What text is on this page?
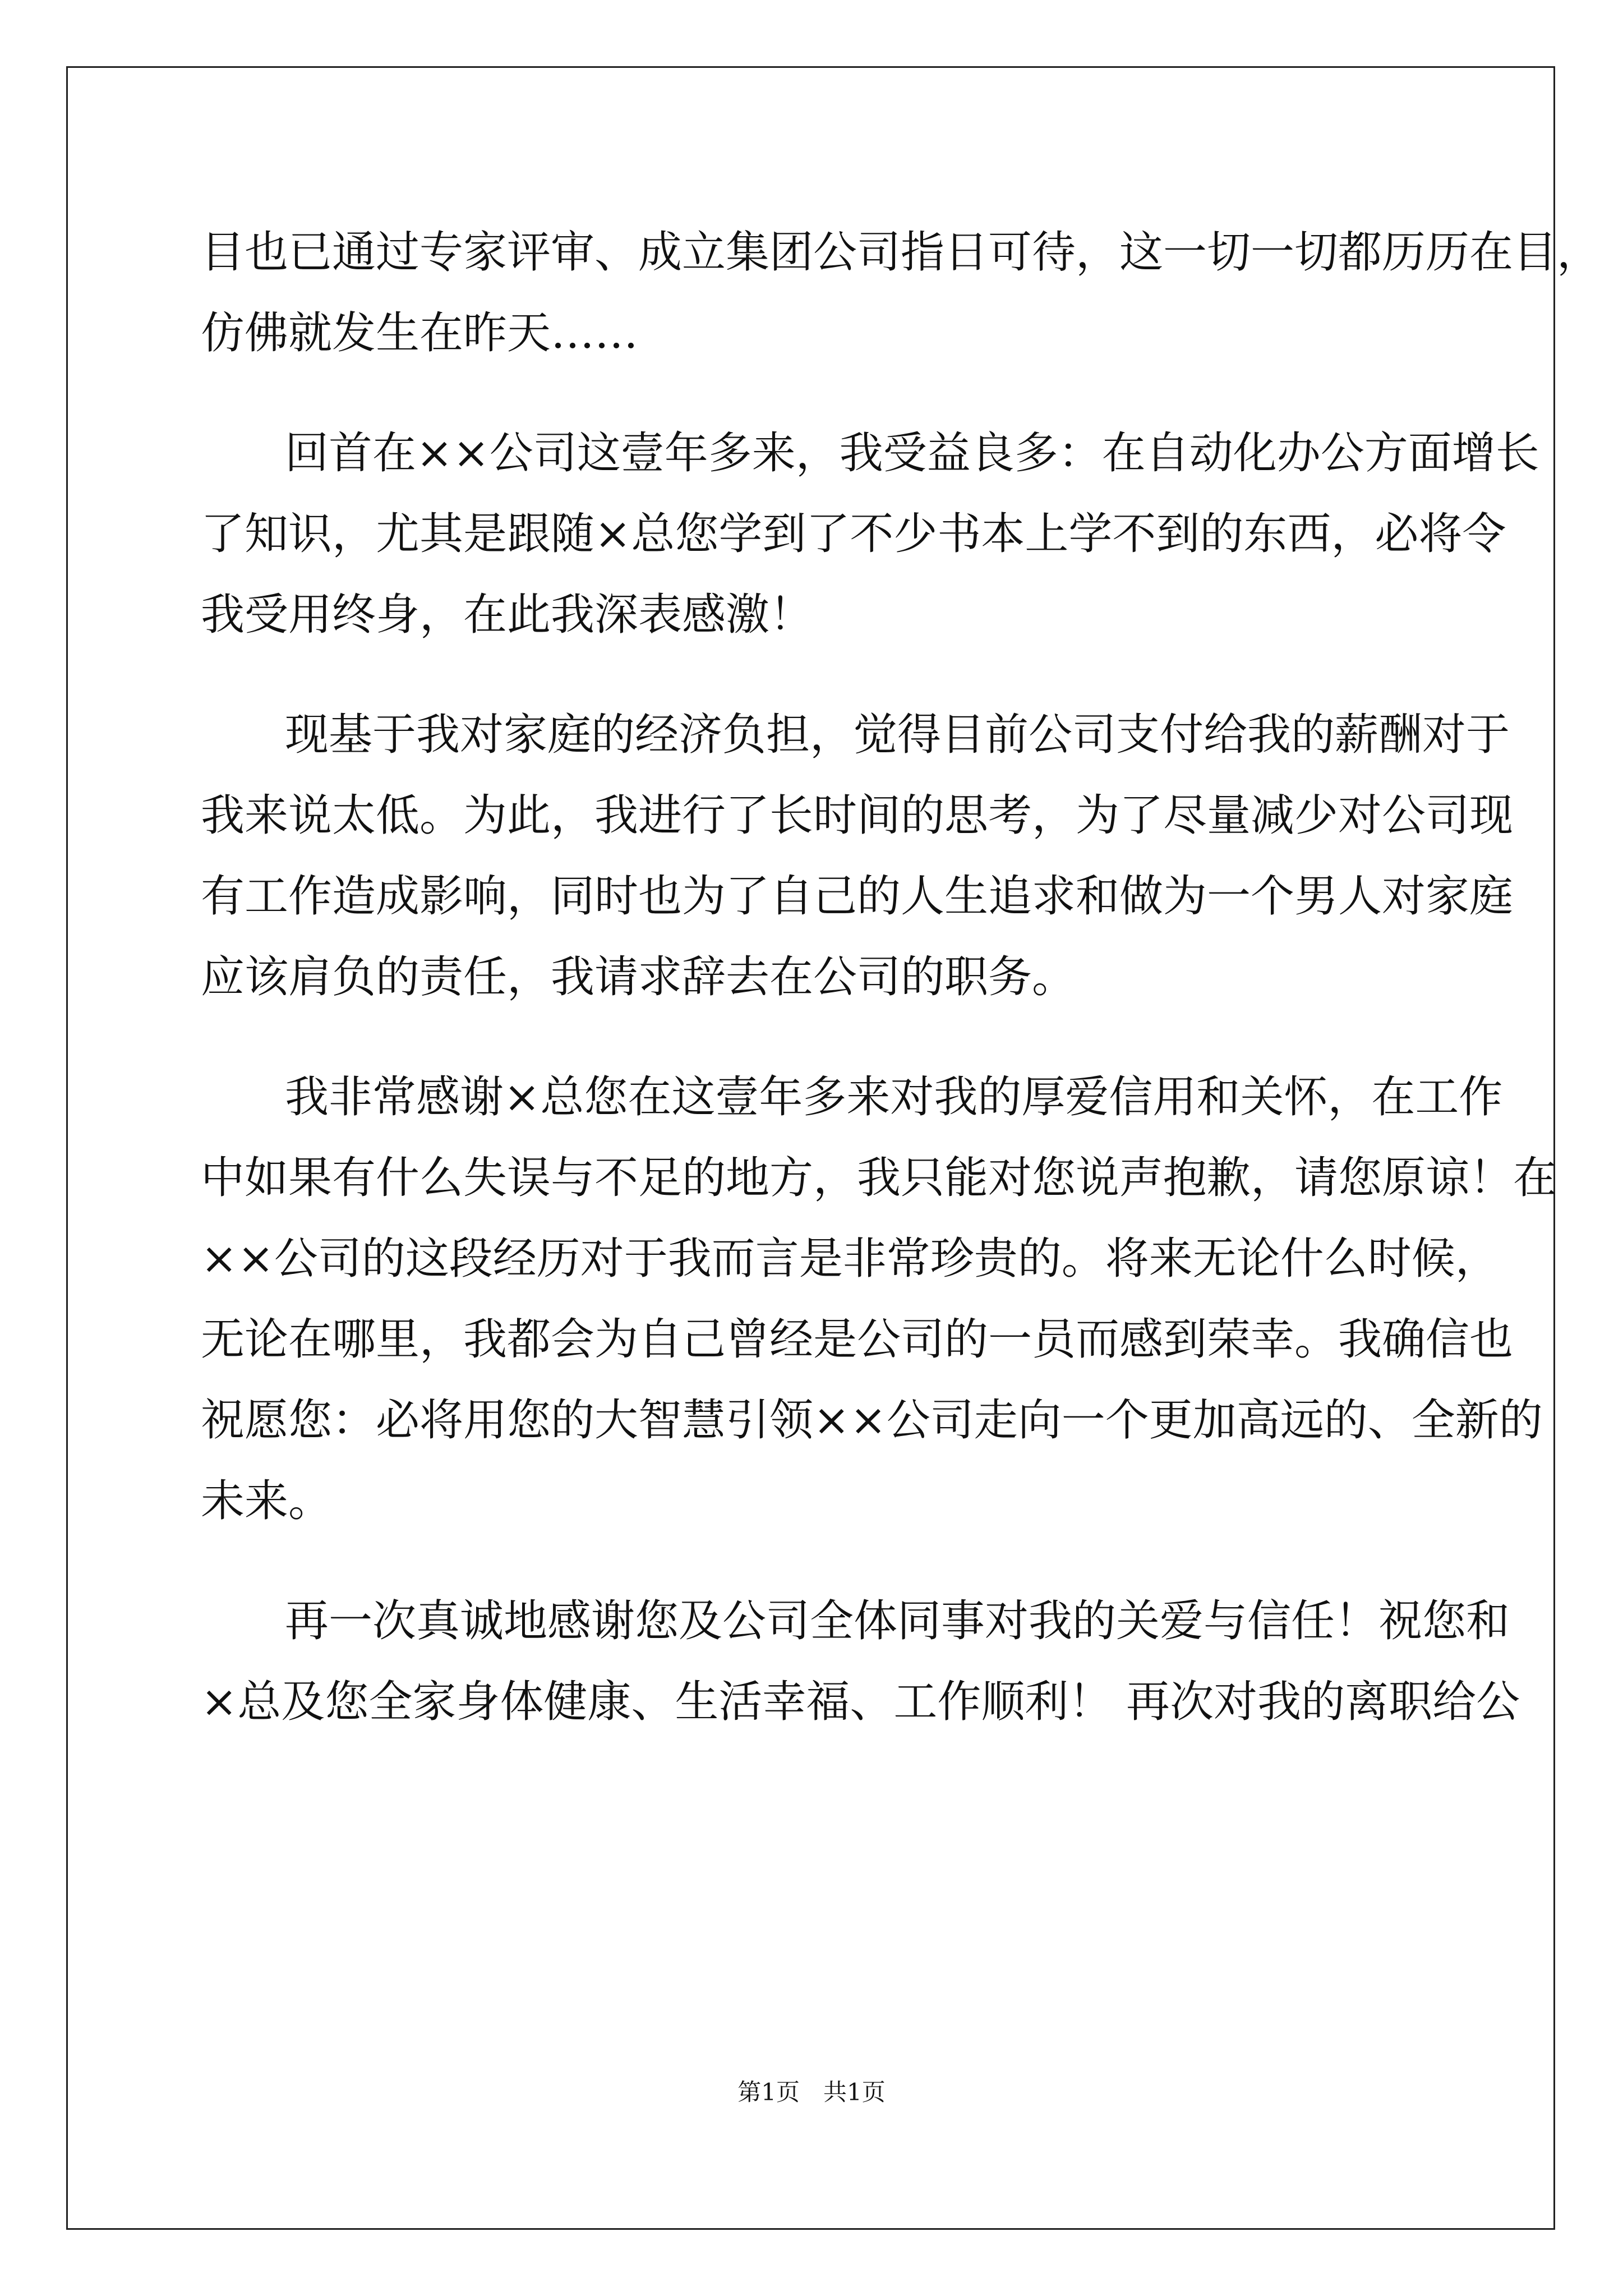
目也已通过专家评审、成立集团公司指日可待，这一切一切都历历在目，
仿佛就发生在昨天……
回首在××公司这壹年多来，我受益良多：在自动化办公方面增长
了知识，尤其是跟随×总您学到了不少书本上学不到的东西，必将令
我受用终身，在此我深表感激！
现基于我对家庭的经济负担，觉得目前公司支付给我的薪酬对于
我来说太低。为此，我进行了长时间的思考，为了尽量减少对公司现
有工作造成影响，同时也为了自己的人生追求和做为一个男人对家庭
应该肩负的责任，我请求辞去在公司的职务。
我非常感谢×总您在这壹年多来对我的厚爱信用和关怀，在工作
中如果有什么失误与不足的地方，我只能对您说声抱歉，请您原谅！在
××公司的这段经历对于我而言是非常珍贵的。将来无论什么时候，
无论在哪里，我都会为自己曾经是公司的一员而感到荣幸。我确信也
祝愿您：必将用您的大智慧引领××公司走向一个更加高远的、全新的
未来。
再一次真诚地感谢您及公司全体同事对我的关爱与信任！祝您和
×总及您全家身体健康、生活幸福、工作顺利！ 再次对我的离职给公
第1页　共1页
